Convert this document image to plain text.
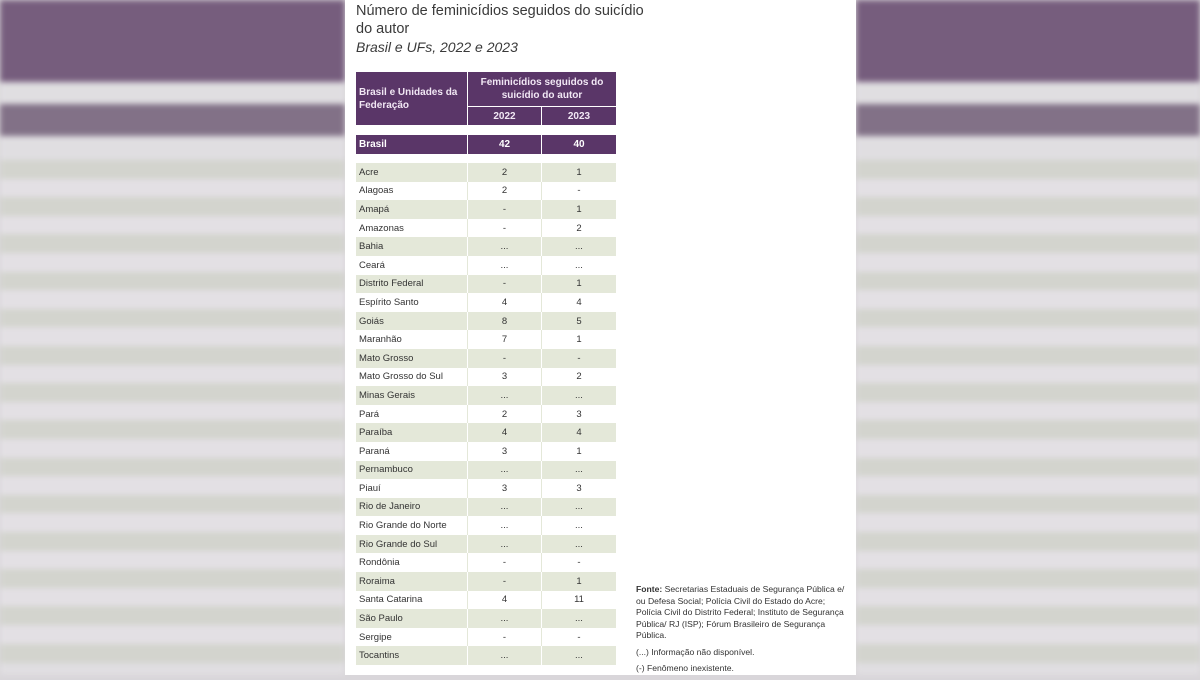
Número de feminicídios seguidos do suicídio do autor
Brasil e UFs, 2022 e 2023
Brasil e Unidades da Federação	Feminicídios seguidos do suicídio do autor	
	2022	2023

Brasil	42	40

Acre	2	1
Alagoas	2	-
Amapá	-	1
Amazonas	-	2
Bahia	...	...
Ceará	...	...
Distrito Federal	-	1
Espírito Santo	4	4
Goiás	8	5
Maranhão	7	1
Mato Grosso	-	-
Mato Grosso do Sul	3	2
Minas Gerais	...	...
Pará	2	3
Paraíba	4	4
Paraná	3	1
Pernambuco	...	...
Piauí	3	3
Rio de Janeiro	...	...
Rio Grande do Norte	...	...
Rio Grande do Sul	...	...
Rondônia	-	-
Roraima	-	1
Santa Catarina	4	11
São Paulo	...	...
Sergipe	-	-
Tocantins	...	...

Fonte: Secretarias Estaduais de Segurança Pública e/ ou Defesa Social; Polícia Civil do Estado do Acre; Polícia Civil do Distrito Federal; Instituto de Segurança Pública/ RJ (ISP); Fórum Brasileiro de Segurança Pública.

(...) Informação não disponível.

(-) Fenômeno inexistente.
